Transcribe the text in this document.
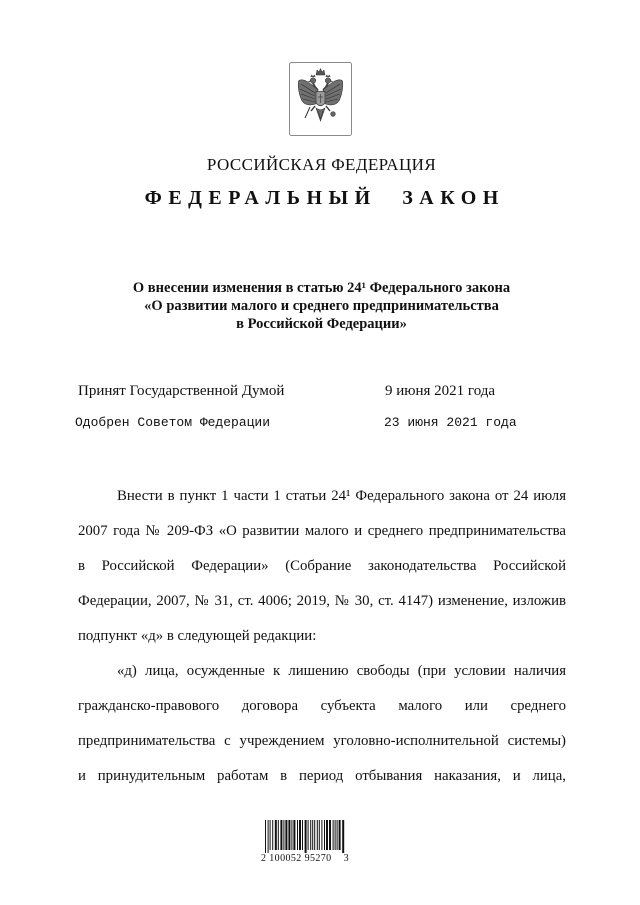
РОССИЙСКАЯ ФЕДЕРАЦИЯ
ФЕДЕРАЛЬНЫЙ ЗАКОН
О внесении изменения в статью 24¹ Федерального закона
«О развитии малого и среднего предпринимательства
в Российской Федерации»
Принят Государственной Думой	9 июня 2021 года
Одобрен Советом Федерации	23 июня 2021 года
Внести в пункт 1 части 1 статьи 24¹ Федерального закона от 24 июля
2007 года № 209-ФЗ «О развитии малого и среднего предпринимательства
в Российской Федерации» (Собрание законодательства Российской
Федерации, 2007, № 31, ст. 4006; 2019, № 30, ст. 4147) изменение, изложив
подпункт «д» в следующей редакции:
«д) лица, осужденные к лишению свободы (при условии наличия
гражданско-правового договора субъекта малого или среднего
предпринимательства с учреждением уголовно-исполнительной системы)
и принудительным работам в период отбывания наказания, и лица,
2 100052 95270 3
